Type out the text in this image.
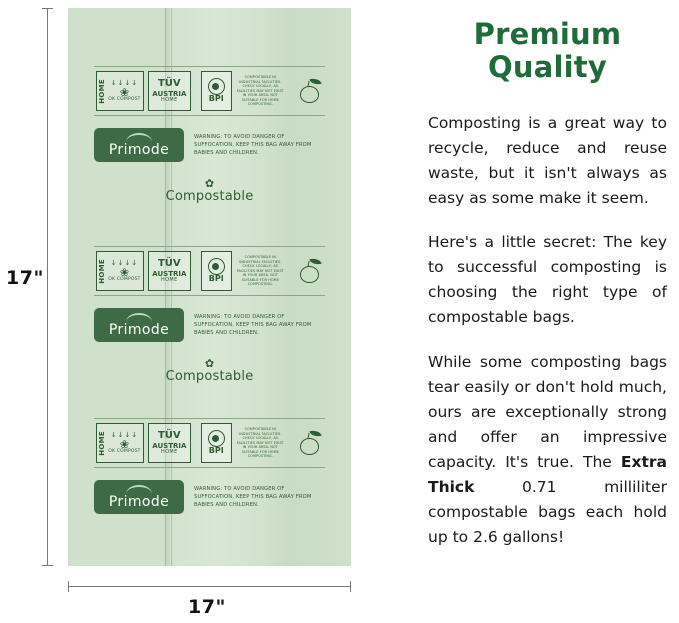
17"
17"
HOME ↓↓↓↓
❀
OK COMPOST
TÜV
AUSTRIA
HOME	BPI
COMPOSTABLE IN INDUSTRIAL FACILITIES. CHECK LOCALLY, AS FACILITIES MAY NOT EXIST IN YOUR AREA. NOT SUITABLE FOR HOME COMPOSTING.
Primode
WARNING: TO AVOID DANGER OF SUFFOCATION, KEEP THIS BAG AWAY FROM BABIES AND CHILDREN.
✿
Compostable
HOME ↓↓↓↓
❀
OK COMPOST
TÜV
AUSTRIA
HOME	BPI
COMPOSTABLE IN INDUSTRIAL FACILITIES. CHECK LOCALLY, AS FACILITIES MAY NOT EXIST IN YOUR AREA. NOT SUITABLE FOR HOME COMPOSTING.
Primode
WARNING: TO AVOID DANGER OF SUFFOCATION, KEEP THIS BAG AWAY FROM BABIES AND CHILDREN.
✿
Compostable
HOME ↓↓↓↓
❀
OK COMPOST
TÜV
AUSTRIA
HOME	BPI
COMPOSTABLE IN INDUSTRIAL FACILITIES. CHECK LOCALLY, AS FACILITIES MAY NOT EXIST IN YOUR AREA. NOT SUITABLE FOR HOME COMPOSTING.
Primode
WARNING: TO AVOID DANGER OF SUFFOCATION, KEEP THIS BAG AWAY FROM BABIES AND CHILDREN.
Premium
Quality

Composting is a great way to recycle, reduce and reuse waste, but it isn't always as easy as some make it seem.

Here's a little secret: The key to successful composting is choosing the right type of compostable bags.

While some composting bags tear easily or don't hold much, ours are exceptionally strong and offer an impressive capacity. It's true. The Extra Thick 0.71 milliliter compostable bags each hold up to 2.6 gallons!
